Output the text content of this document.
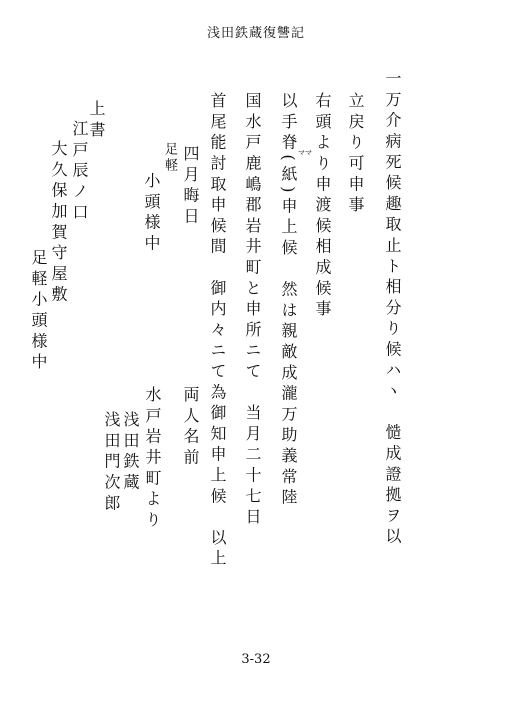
浅田鉄蔵復讐記
一万介病死候趣取止ト相分り候ハヽ　慥成證拠ヲ以
立戻り可申事
右頭より申渡候相成候事
以手脊(紙)申上候　然は親敵成瀧万助義常陸 ママ
国水戸鹿嶋郡岩井町と申所ニて　当月二十七日
首尾能討取申候間　御内々ニて為御知申上候　以上
四月晦日
両人名前
水戸岩井町より
浅田鉄蔵
浅田門次郎
足軽
小頭様中
上書
江戸辰ノ口
大久保加賀守屋敷
足軽小頭様中
3-32
